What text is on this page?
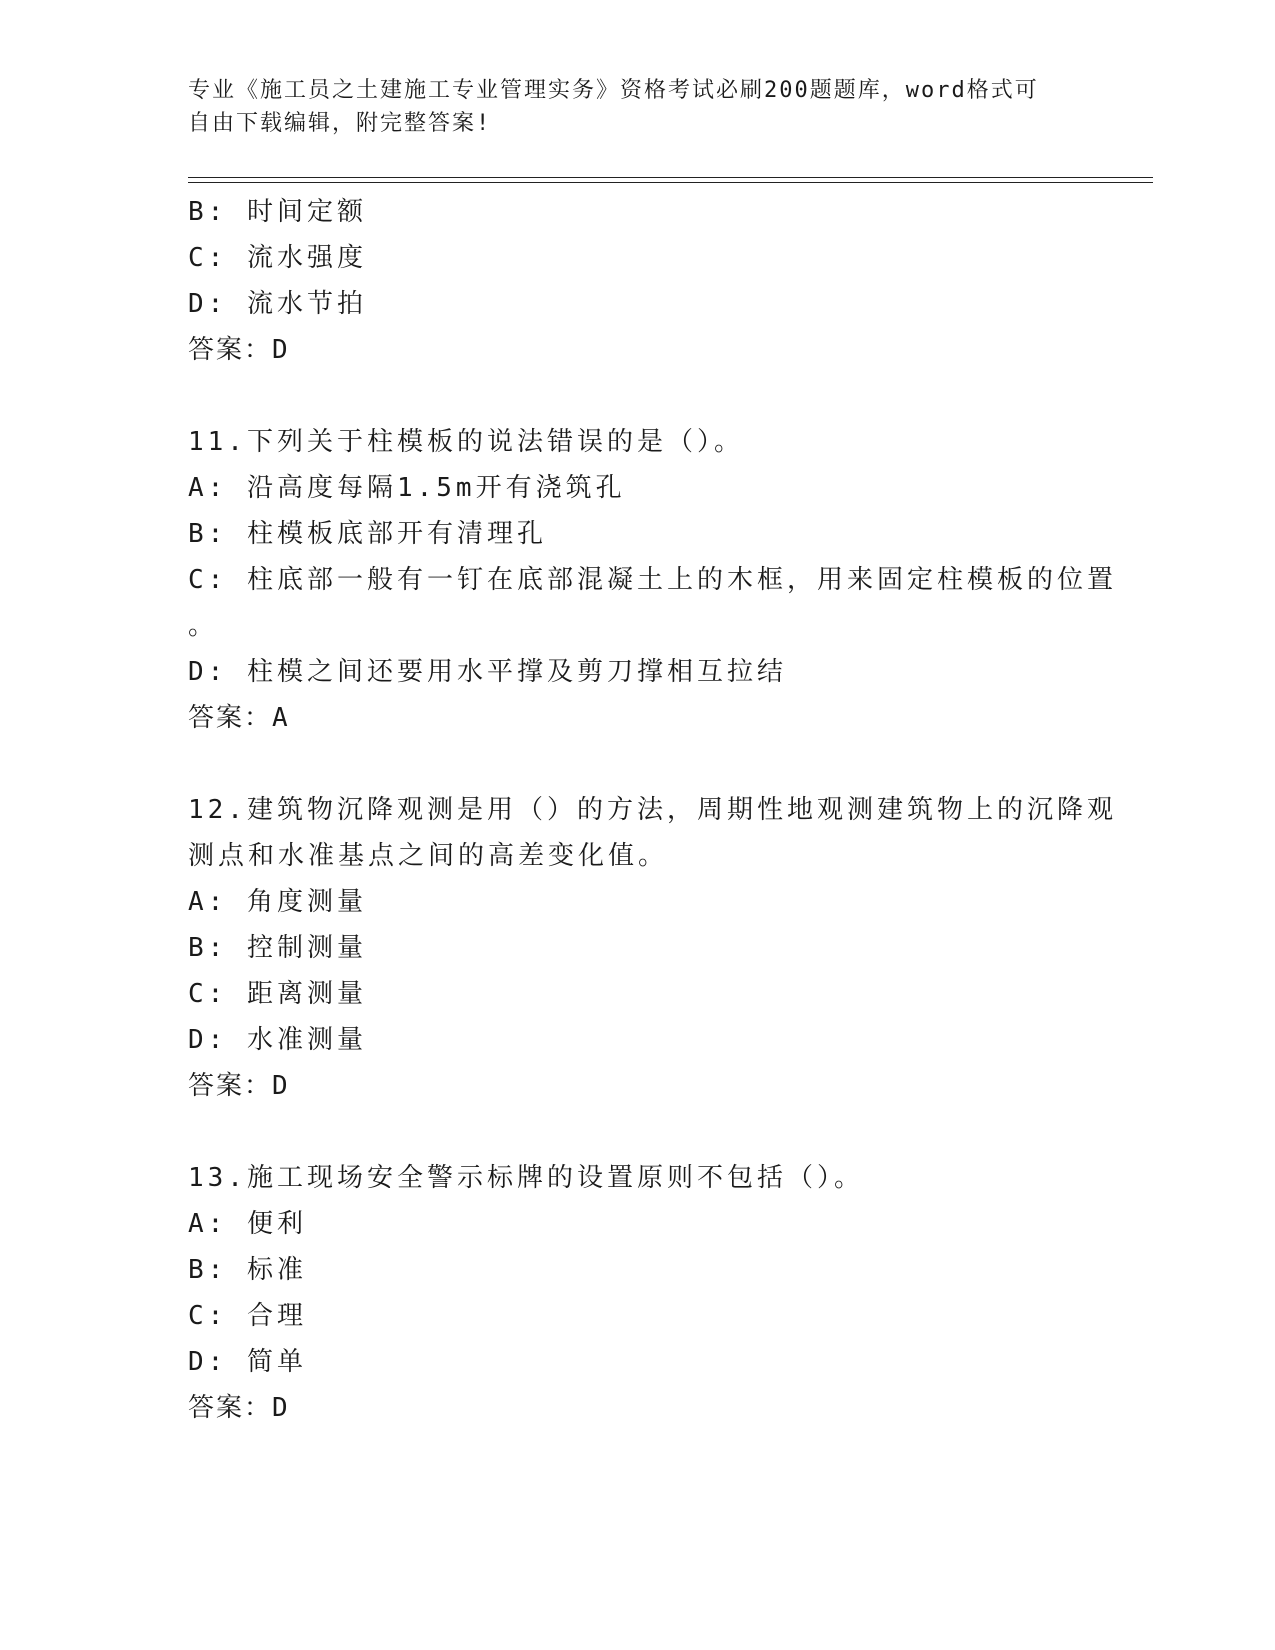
专业《施工员之土建施工专业管理实务》资格考试必刷200题题库，word格式可
自由下载编辑，附完整答案!
B: 时间定额
C: 流水强度
D: 流水节拍
答案：D
11.下列关于柱模板的说法错误的是（）。
A: 沿高度每隔1.5m开有浇筑孔
B: 柱模板底部开有清理孔
C: 柱底部一般有一钉在底部混凝土上的木框，用来固定柱模板的位置
。
D: 柱模之间还要用水平撑及剪刀撑相互拉结
答案：A
12.建筑物沉降观测是用（）的方法，周期性地观测建筑物上的沉降观
测点和水准基点之间的高差变化值。
A: 角度测量
B: 控制测量
C: 距离测量
D: 水准测量
答案：D
13.施工现场安全警示标牌的设置原则不包括（）。
A: 便利
B: 标准
C: 合理
D: 简单
答案：D
